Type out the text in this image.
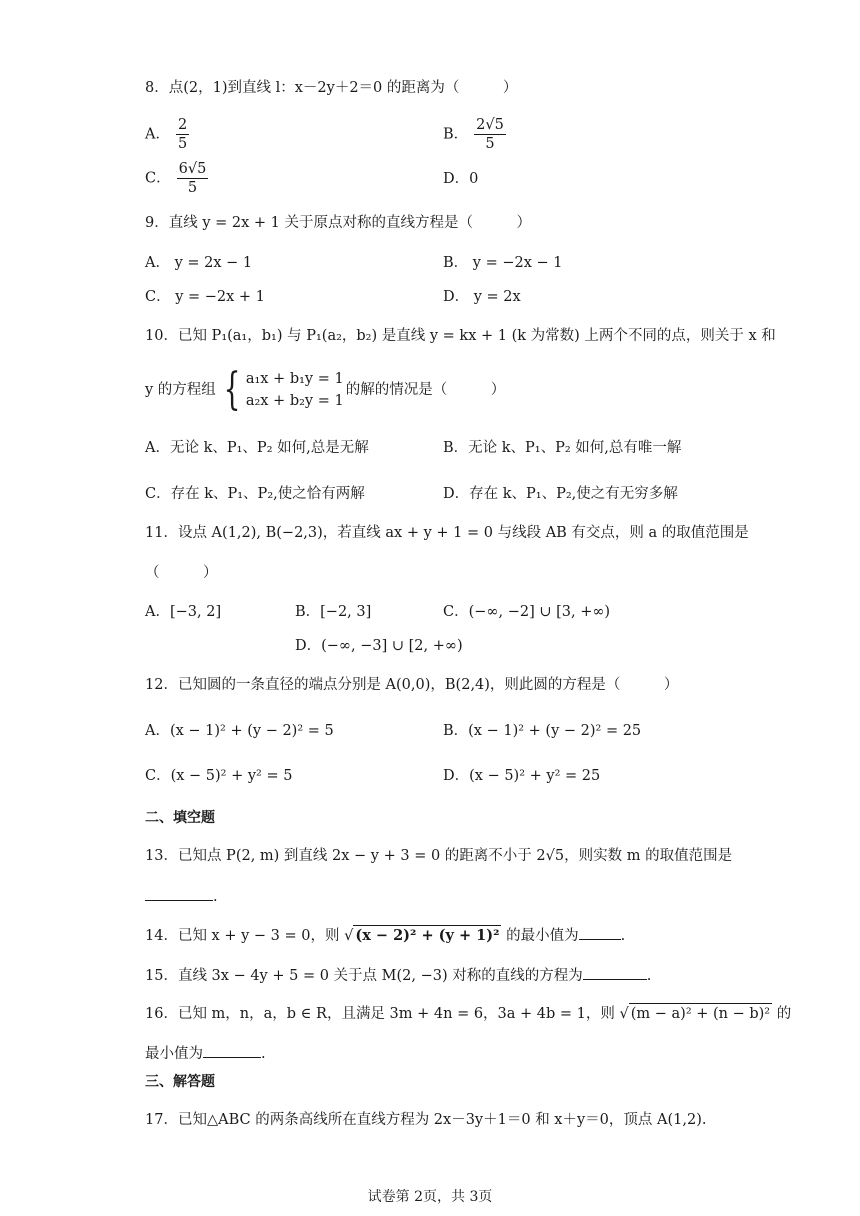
8．点(2，1)到直线 l：x－2y＋2＝0 的距离为（　　　）
A． $\frac{2}{5}$	B． $\frac{2√5}{5}$
C． $\frac{6√5}{5}$	D．0
9．直线 y = 2x + 1 关于原点对称的直线方程是（　　　）
A． y = 2x − 1	B． y = −2x − 1
C． y = −2x + 1	D． y = 2x
10．已知 P₁(a₁，b₁) 与 P₁(a₂，b₂) 是直线 y = kx + 1 (k 为常数) 上两个不同的点，则关于 x 和
y 的方程组 { a₁x + b₁y = 1
a₂x + b₂y = 1
的解的情况是（　　　）
A．无论 k、P₁、P₂ 如何,总是无解	B．无论 k、P₁、P₂ 如何,总有唯一解
C．存在 k、P₁、P₂,使之恰有两解	D．存在 k、P₁、P₂,使之有无穷多解
11．设点 A(1,2), B(−2,3)，若直线 ax + y + 1 = 0 与线段 AB 有交点，则 a 的取值范围是
（　　　）
A．[−3, 2]	B．[−2, 3]	C．(−∞, −2] ∪ [3, +∞)
D．(−∞, −3] ∪ [2, +∞)
12．已知圆的一条直径的端点分别是 A(0,0)，B(2,4)，则此圆的方程是（　　　）
A．(x − 1)² + (y − 2)² = 5	B．(x − 1)² + (y − 2)² = 25
C．(x − 5)² + y² = 5	D．(x − 5)² + y² = 25
二、填空题
13．已知点 P(2, m) 到直线 2x − y + 3 = 0 的距离不小于 2√5，则实数 m 的取值范围是
.
14．已知 x + y − 3 = 0，则 √ (x − 2)² + (y + 1)² 的最小值为	.
15．直线 3x − 4y + 5 = 0 关于点 M(2, −3) 对称的直线的方程为	.
16．已知 m，n，a，b ∈ R，且满足 3m + 4n = 6，3a + 4b = 1，则 √ (m − a)² + (n − b)² 的
最小值为	.
三、解答题
17．已知△ABC 的两条高线所在直线方程为 2x－3y＋1＝0 和 x＋y＝0，顶点 A(1,2).
试卷第 2页，共 3页
